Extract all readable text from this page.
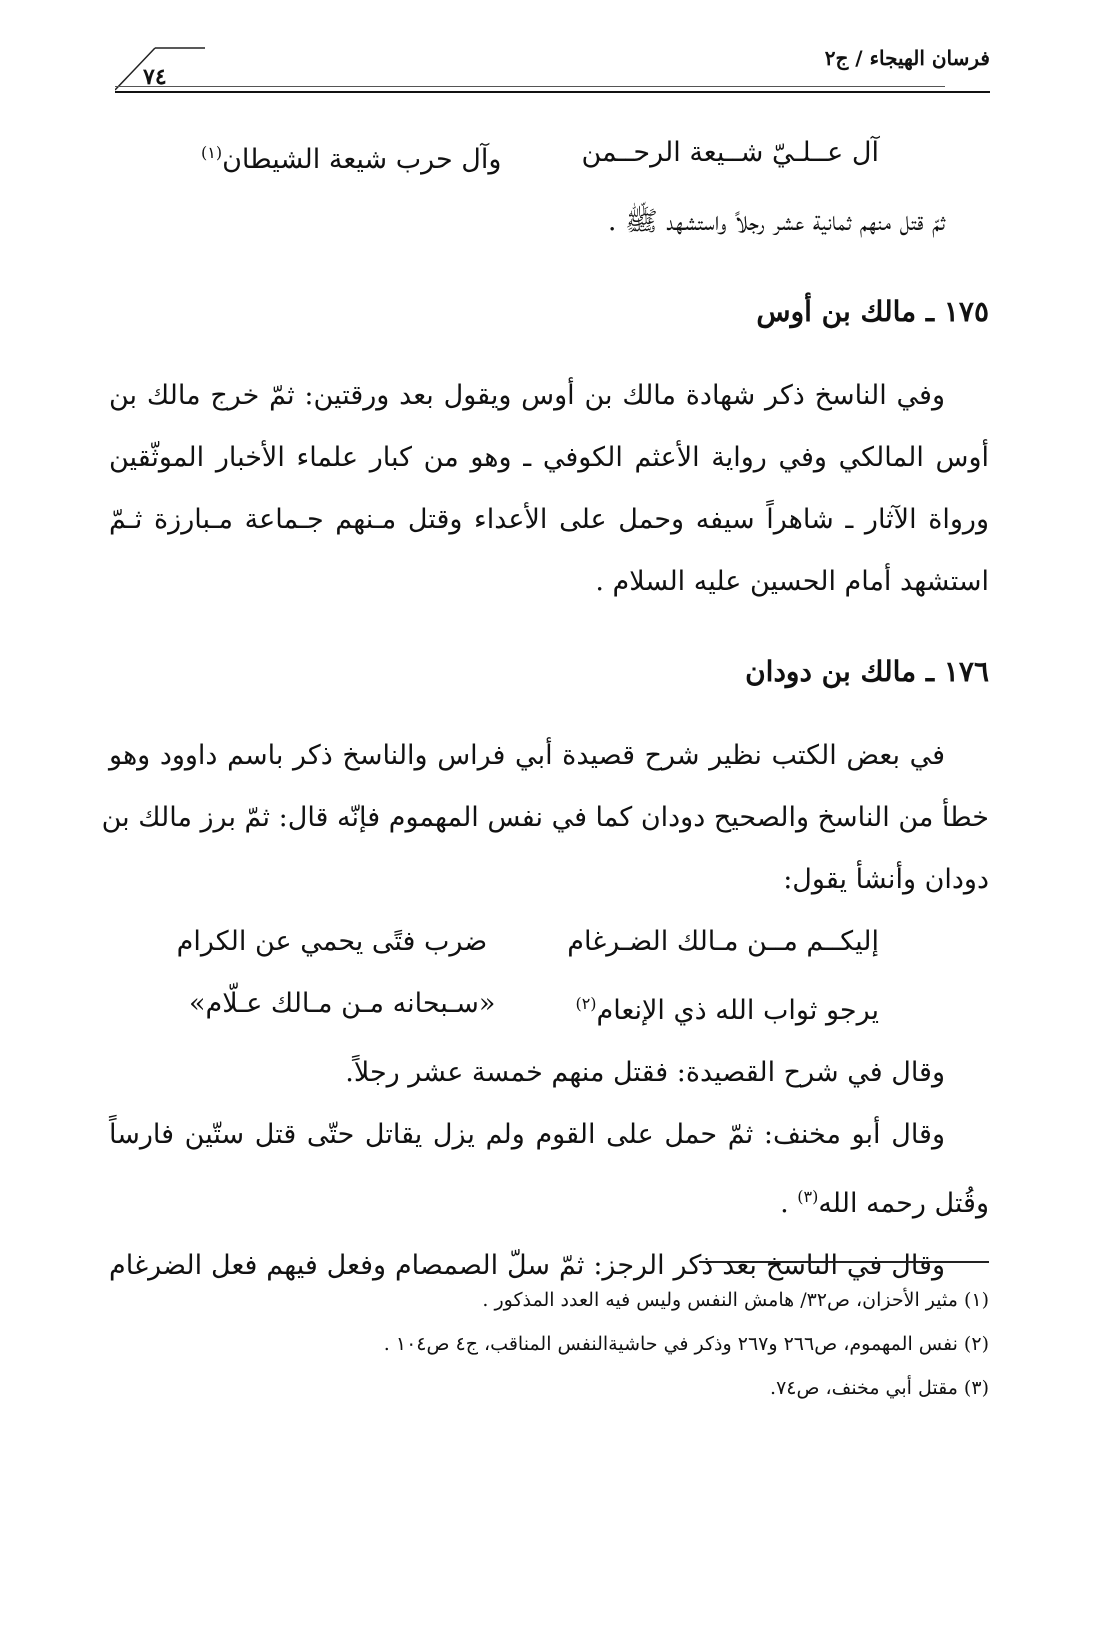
فرسان الهيجاء / ج٢
٧٤
آل عــلـيّ شــيعة الرحــمن
وآل حرب شيعة الشيطان$^{(١)}$
ثمّ قتل منهم ثمانية عشر رجلاً واستشهد ﷺ .
١٧٥ ـ مالك بن أوس
وفي الناسخ ذكر شهادة مالك بن أوس ويقول بعد ورقتين: ثمّ خرج مالك بن
أوس المالكي وفي رواية الأعثم الكوفي ـ وهو من كبار علماء الأخبار الموثّقين
ورواة الآثار ـ شاهراً سيفه وحمل على الأعداء وقتل مـنهم جـماعة مـبارزة ثـمّ
استشهد أمام الحسين عليه السلام .
١٧٦ ـ مالك بن دودان
في بعض الكتب نظير شرح قصيدة أبي فراس والناسخ ذكر باسم داوود وهو
خطأ من الناسخ والصحيح دودان كما في نفس المهموم فإنّه قال: ثمّ برز مالك بن
دودان وأنشأ يقول:
إليكــم مــن مـالك الضـرغام
ضرب فتًى يحمي عن الكرام
يرجو ثواب الله ذي الإنعام$^{(٢)}$
«سـبحانه مـن مـالك عـلّام»
وقال في شرح القصيدة: فقتل منهم خمسة عشر رجلاً.
وقال أبو مخنف: ثمّ حمل على القوم ولم يزل يقاتل حتّى قتل ستّين فارساً
وقُتل رحمه الله$^{(٣)}$ .
وقال في الناسخ بعد ذكر الرجز: ثمّ سلّ الصمصام وفعل فيهم فعل الضرغام
(١) مثير الأحزان، ص٣٢/ هامش النفس وليس فيه العدد المذكور .
(٢) نفس المهموم، ص٢٦٦ و٢٦٧ وذكر في حاشيةالنفس المناقب، ج٤ ص١٠٤ .
(٣) مقتل أبي مخنف، ص٧٤.
